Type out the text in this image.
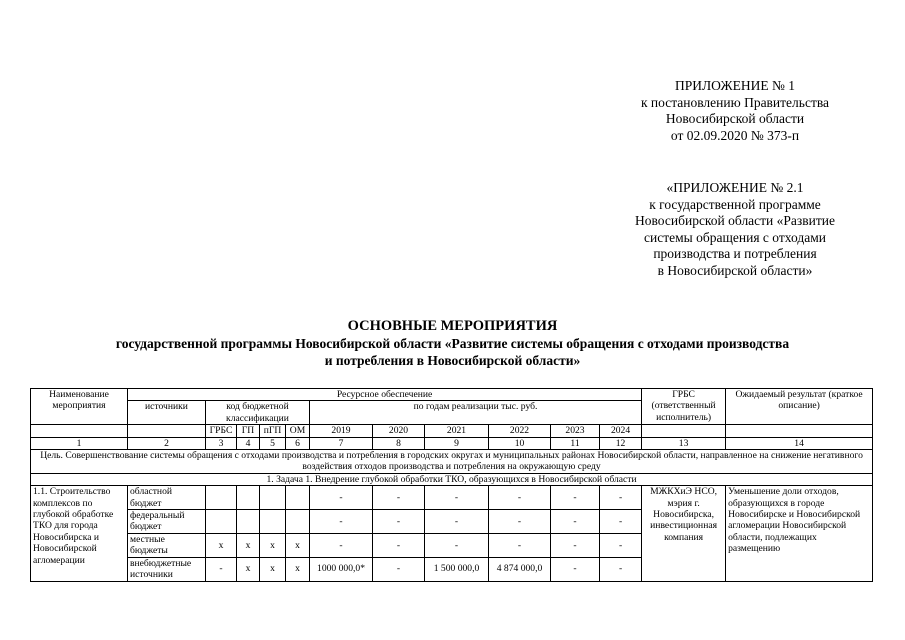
ПРИЛОЖЕНИЕ № 1
к постановлению Правительства
Новосибирской области
от 02.09.2020 № 373-п
«ПРИЛОЖЕНИЕ № 2.1
к государственной программе
Новосибирской области «Развитие
системы обращения с отходами
производства и потребления
в Новосибирской области»
ОСНОВНЫЕ МЕРОПРИЯТИЯ
государственной программы Новосибирской области «Развитие системы обращения с отходами производства
и потребления в Новосибирской области»
Наименование мероприятия	Ресурсное обеспечение											ГРБС (ответственный исполнитель)	Ожидаемый результат (краткое описание)
	источники	код бюджетной классификации				по годам реализации тыс. руб.							

		ГРБС	ГП	пГП	ОМ	2019	2020	2021	2022	2023	2024		
1	2	3	4	5	6	7	8	9	10	11	12	13	14
Цель. Совершенствование системы обращения с отходами производства и потребления в городских округах и муниципальных районах Новосибирской области, направленное на снижение негативного воздействия отходов производства и потребления на окружающую среду													
1. Задача 1. Внедрение глубокой обработки ТКО, образующихся в Новосибирской области													
1.1. Строительство комплексов по глубокой обработке ТКО для города Новосибирска и Новосибирской агломерации	областной бюджет					-	-	-	-	-	-	МЖКХиЭ НСО, мэрия г. Новосибирска, инвестиционная компания	Уменьшение доли отходов, образующихся в городе Новосибирске и Новосибирской агломерации Новосибирской области, подлежащих размещению
	федеральный бюджет					-	-	-	-	-	-		
	местные бюджеты	х	х	х	х	-	-	-	-	-	-		
	внебюджетные источники	-	х	х	х	1000 000,0*	-	1 500 000,0	4 874 000,0	-	-		
